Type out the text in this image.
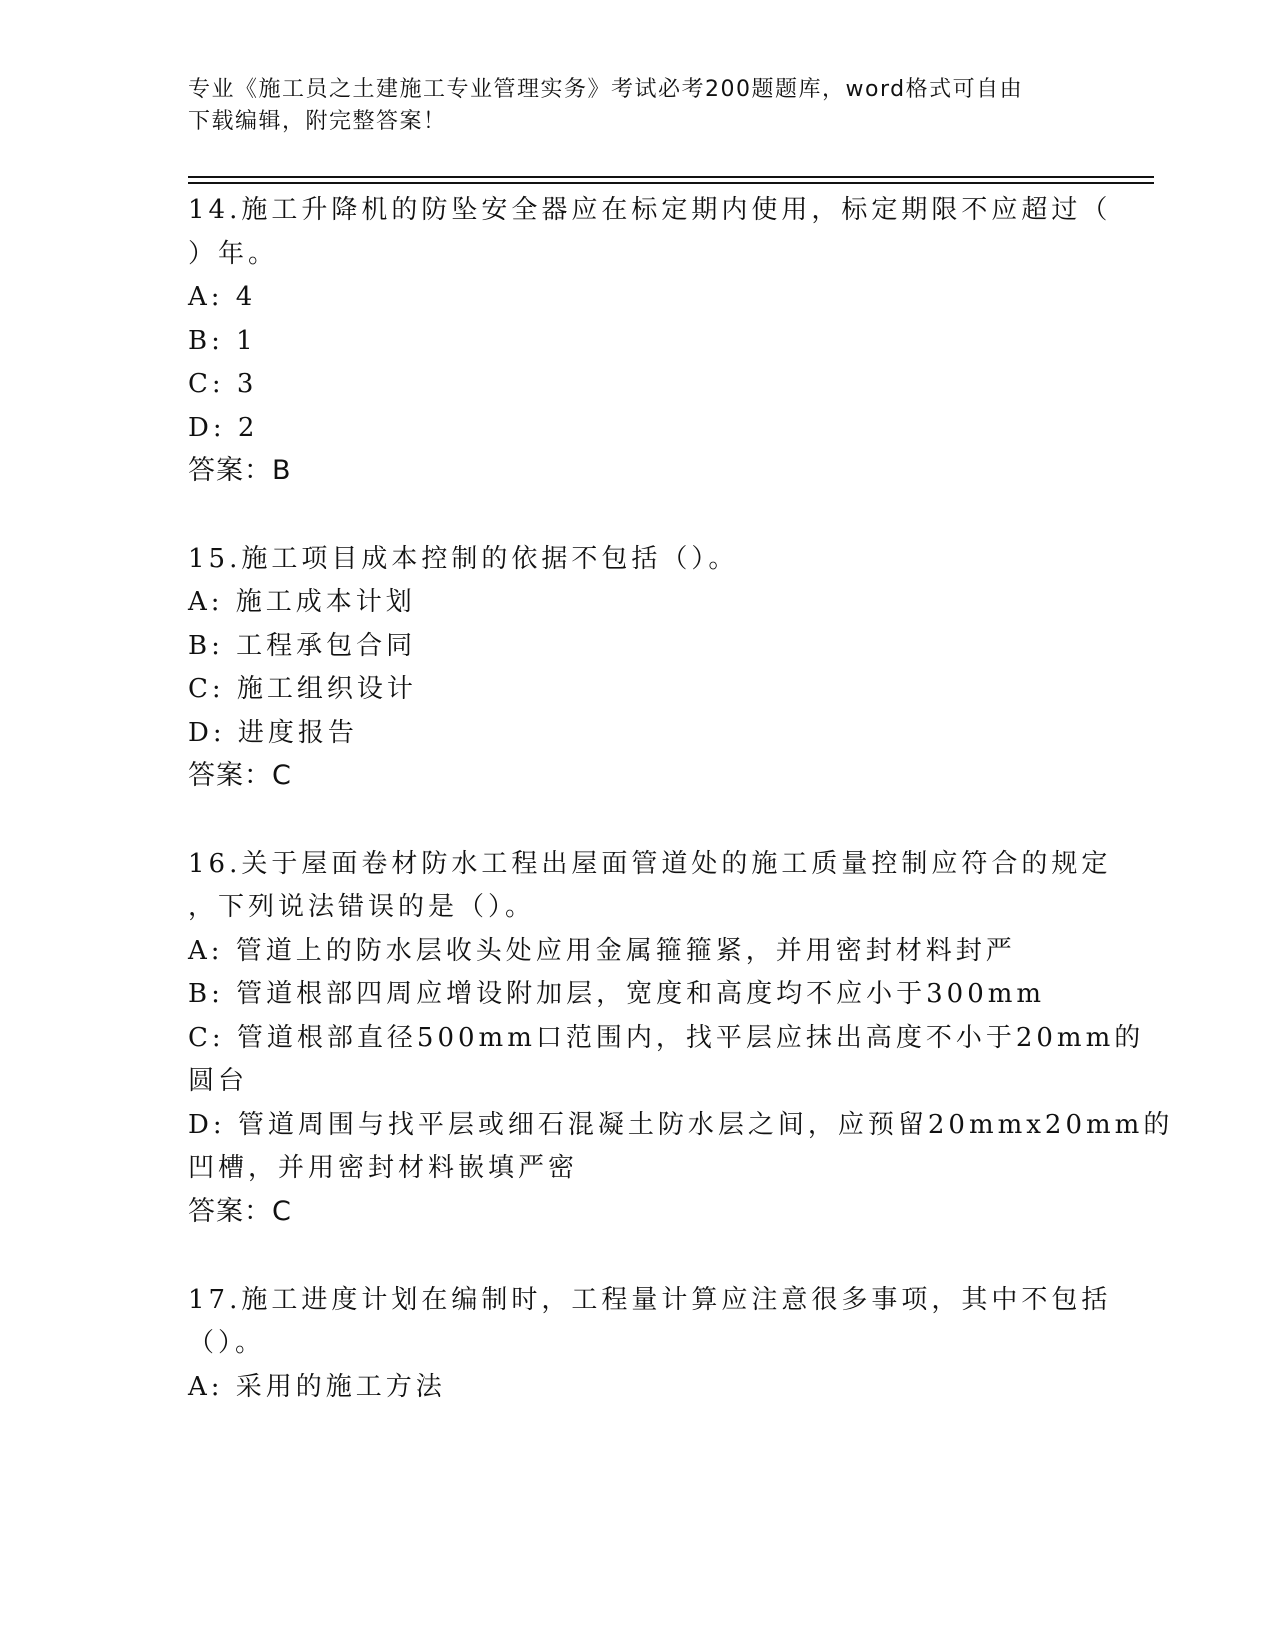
专业《施工员之土建施工专业管理实务》考试必考200题题库，word格式可自由
下载编辑，附完整答案！
14.施工升降机的防坠安全器应在标定期内使用，标定期限不应超过（
）年。
A: 4
B: 1
C: 3
D: 2
答案：B
15.施工项目成本控制的依据不包括（）。
A: 施工成本计划
B: 工程承包合同
C: 施工组织设计
D: 进度报告
答案：C
16.关于屋面卷材防水工程出屋面管道处的施工质量控制应符合的规定
，下列说法错误的是（）。
A: 管道上的防水层收头处应用金属箍箍紧，并用密封材料封严
B: 管道根部四周应增设附加层，宽度和高度均不应小于300mm
C: 管道根部直径500mm口范围内，找平层应抹出高度不小于20mm的
圆台
D: 管道周围与找平层或细石混凝土防水层之间，应预留20mmx20mm的
凹槽，并用密封材料嵌填严密
答案：C
17.施工进度计划在编制时，工程量计算应注意很多事项，其中不包括
（）。
A: 采用的施工方法
